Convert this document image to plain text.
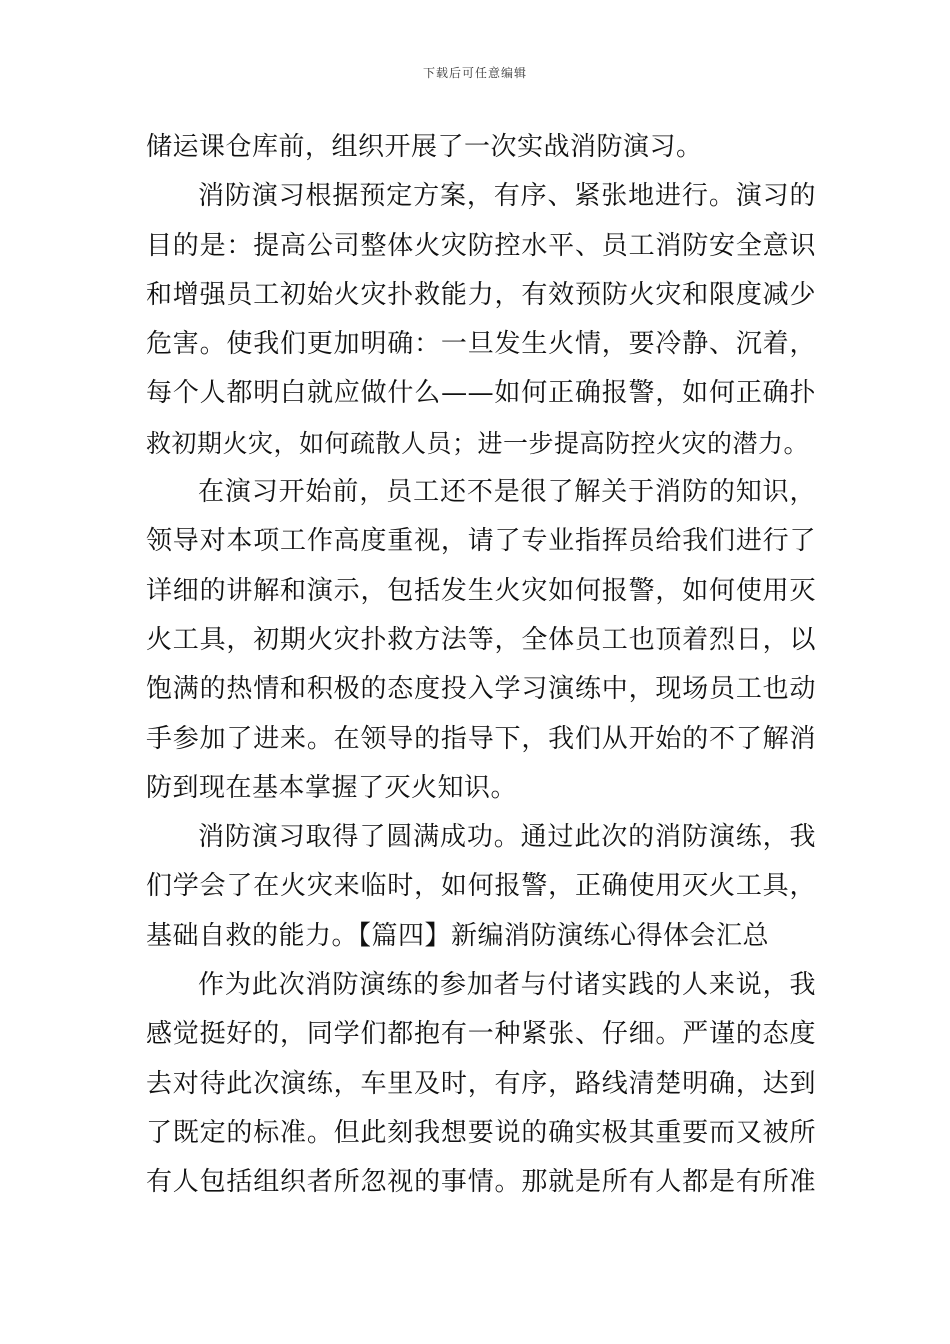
下载后可任意编辑
储运课仓库前，组织开展了一次实战消防演习。
消防演习根据预定方案，有序、紧张地进行。演习的
目的是：提高公司整体火灾防控水平、员工消防安全意识
和增强员工初始火灾扑救能力，有效预防火灾和限度减少
危害。使我们更加明确：一旦发生火情，要冷静、沉着，
每个人都明白就应做什么——如何正确报警，如何正确扑
救初期火灾，如何疏散人员；进一步提高防控火灾的潜力。
在演习开始前，员工还不是很了解关于消防的知识，
领导对本项工作高度重视，请了专业指挥员给我们进行了
详细的讲解和演示，包括发生火灾如何报警，如何使用灭
火工具，初期火灾扑救方法等，全体员工也顶着烈日，以
饱满的热情和积极的态度投入学习演练中，现场员工也动
手参加了进来。在领导的指导下，我们从开始的不了解消
防到现在基本掌握了灭火知识。
消防演习取得了圆满成功。通过此次的消防演练，我
们学会了在火灾来临时，如何报警，正确使用灭火工具，
基础自救的能力。【篇四】新编消防演练心得体会汇总
作为此次消防演练的参加者与付诸实践的人来说，我
感觉挺好的，同学们都抱有一种紧张、仔细。严谨的态度
去对待此次演练，车里及时，有序，路线清楚明确，达到
了既定的标准。但此刻我想要说的确实极其重要而又被所
有人包括组织者所忽视的事情。那就是所有人都是有所准
